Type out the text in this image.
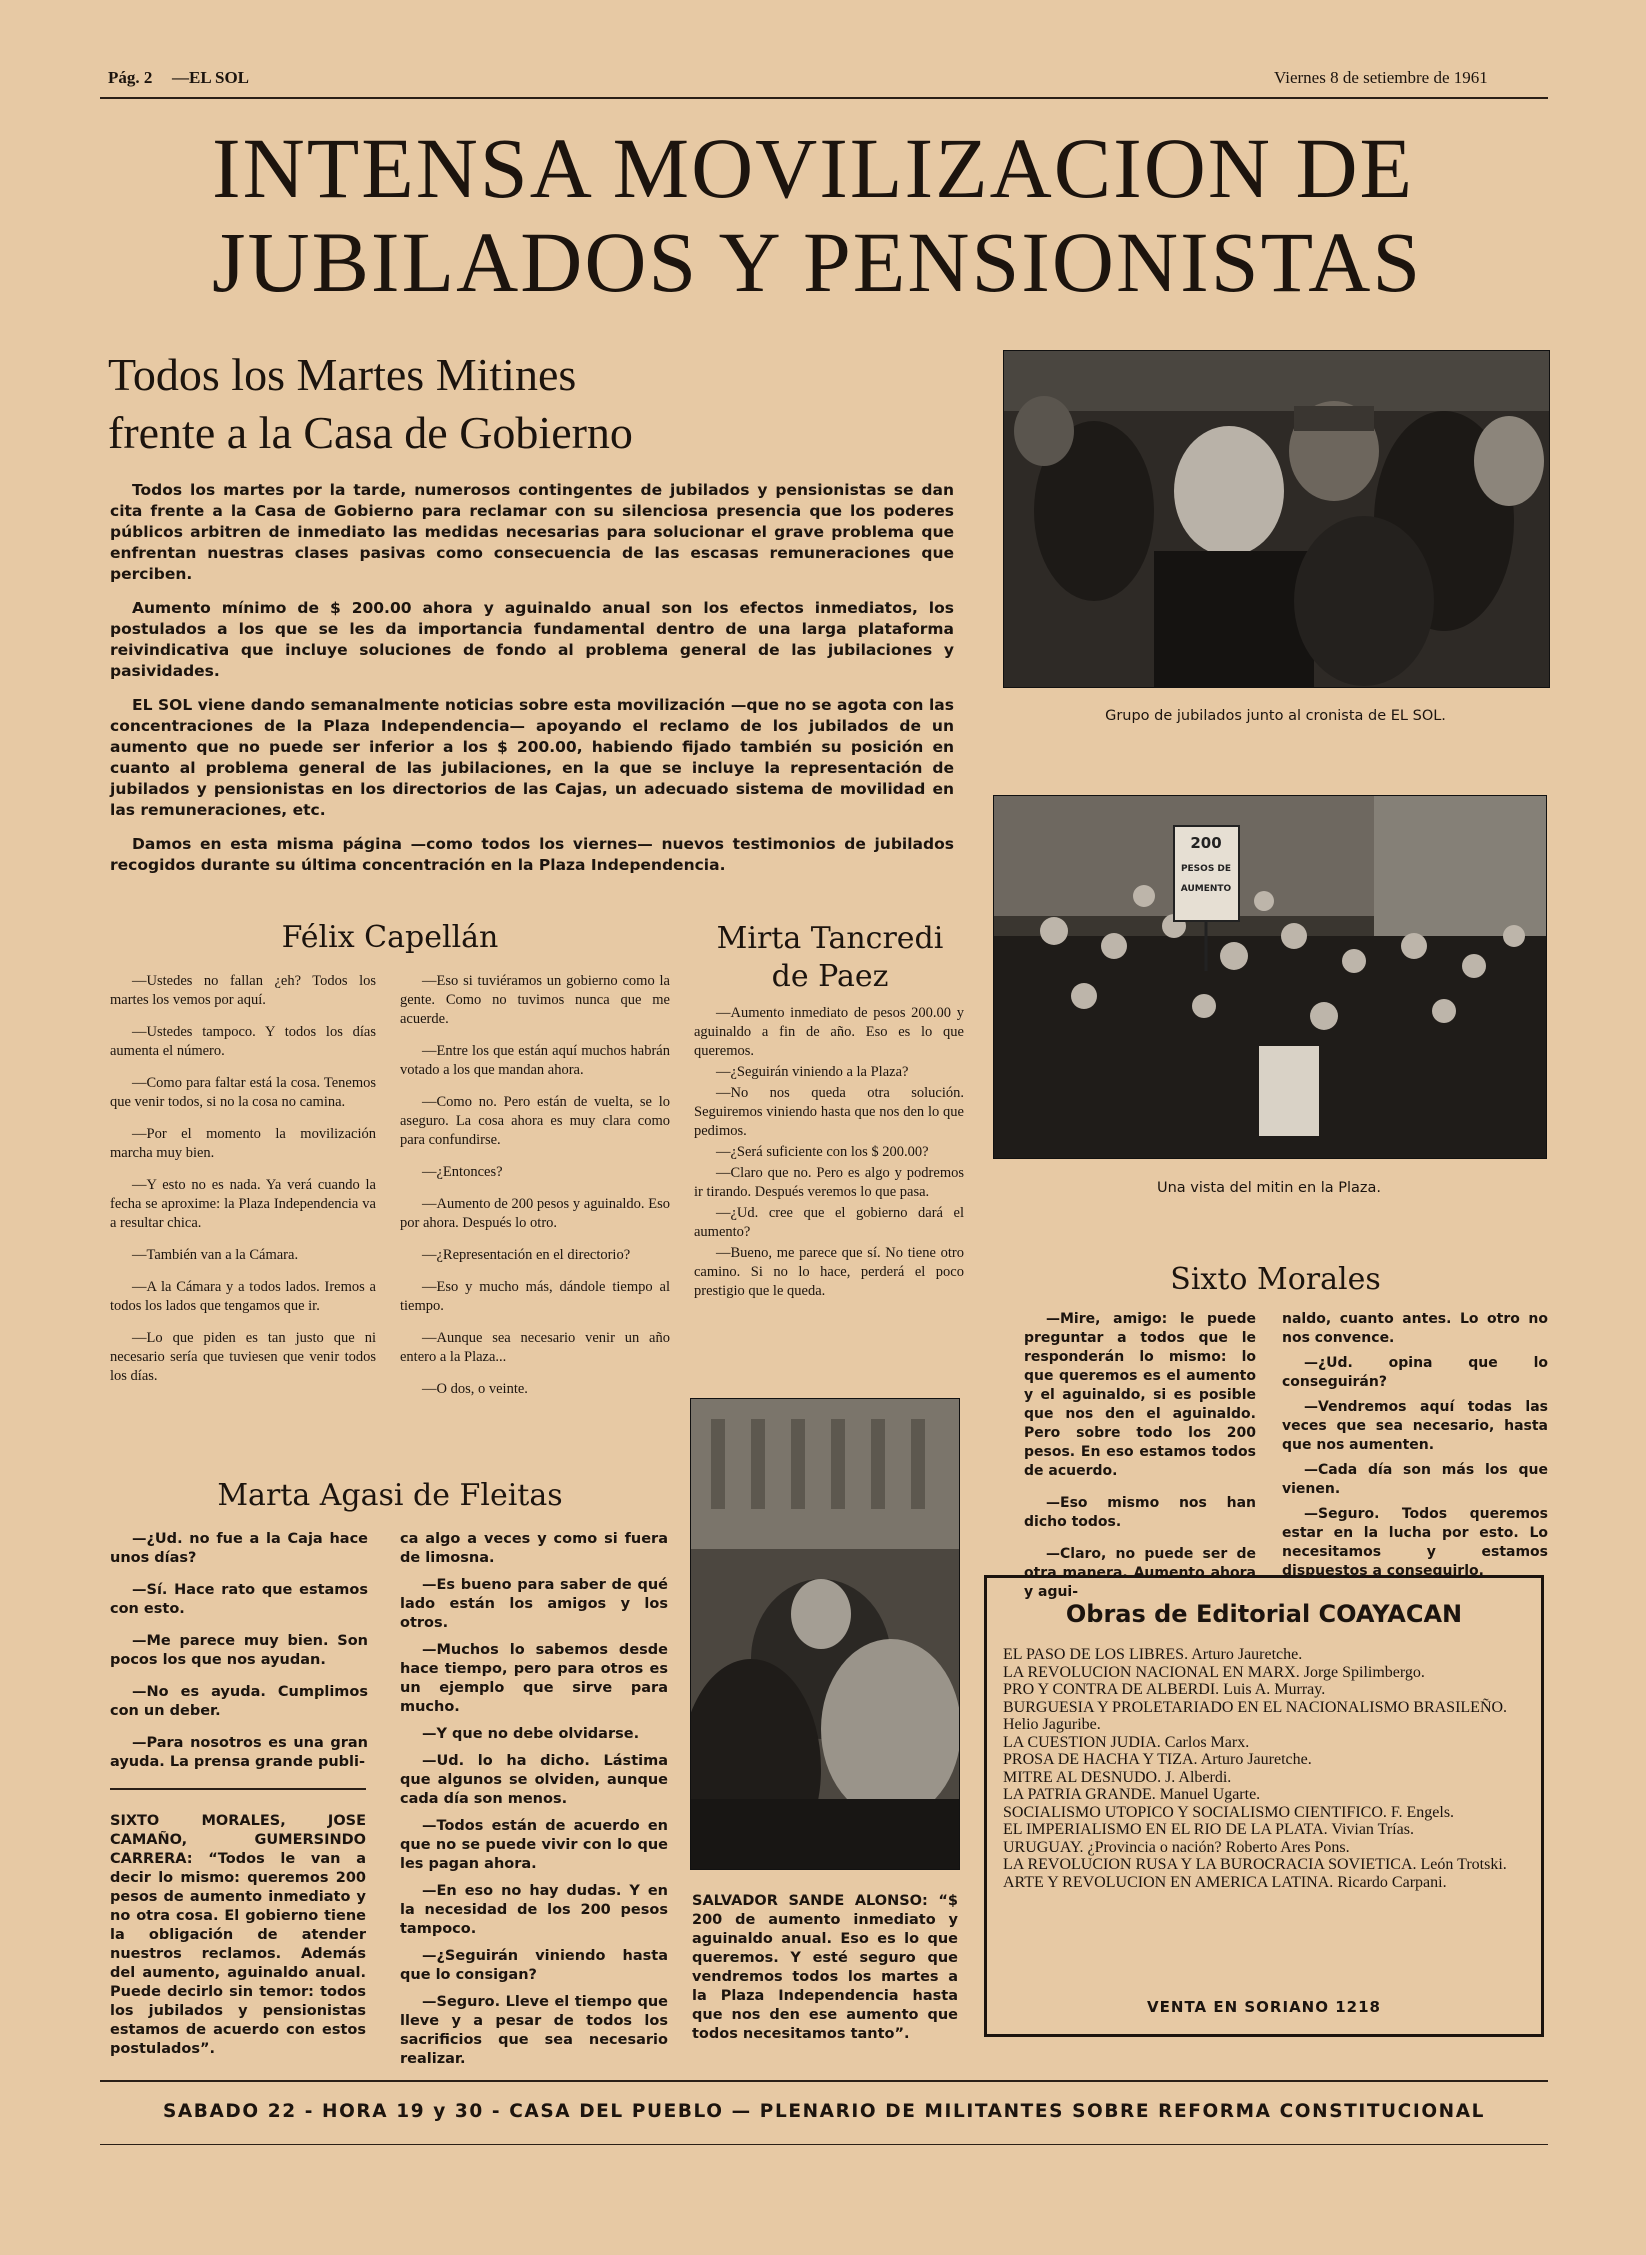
Pág. 2 —EL SOL	Viernes 8 de setiembre de 1961
INTENSA MOVILIZACION DE
JUBILADOS Y PENSIONISTAS
Todos los Martes Mitines
frente a la Casa de Gobierno

Todos los martes por la tarde, numerosos contingentes de jubilados y pensionistas se dan cita frente a la Casa de Gobierno para reclamar con su silenciosa presencia que los poderes públicos arbitren de inmediato las medidas necesarias para solucionar el grave problema que enfrentan nuestras clases pasivas como consecuencia de las escasas remuneraciones que perciben.

Aumento mínimo de $ 200.00 ahora y aguinaldo anual son los efectos inmediatos, los postulados a los que se les da importancia fundamental dentro de una larga plataforma reivindicativa que incluye soluciones de fondo al problema general de las jubilaciones y pasividades.

EL SOL viene dando semanalmente noticias sobre esta movilización —que no se agota con las concentraciones de la Plaza Independencia— apoyando el reclamo de los jubilados de un aumento que no puede ser inferior a los $ 200.00, habiendo fijado también su posición en cuanto al problema general de las jubilaciones, en la que se incluye la representación de jubilados y pensionistas en los directorios de las Cajas, un adecuado sistema de movilidad en las remuneraciones, etc.

Damos en esta misma página —como todos los viernes— nuevos testimonios de jubilados recogidos durante su última concentración en la Plaza Independencia.

Grupo de jubilados junto al cronista de EL SOL.
200
PESOS DE
AUMENTO
Una vista del mitin en la Plaza.
Félix Capellán

—Ustedes no fallan ¿eh? Todos los martes los vemos por aquí.

—Ustedes tampoco. Y todos los días aumenta el número.

—Como para faltar está la cosa. Tenemos que venir todos, si no la cosa no camina.

—Por el momento la movilización marcha muy bien.

—Y esto no es nada. Ya verá cuando la fecha se aproxime: la Plaza Independencia va a resultar chica.

—También van a la Cámara.

—A la Cámara y a todos lados. Iremos a todos los lados que tengamos que ir.

—Lo que piden es tan justo que ni necesario sería que tuviesen que venir todos los días.

—Eso si tuviéramos un gobierno como la gente. Como no tuvimos nunca que me acuerde.

—Entre los que están aquí muchos habrán votado a los que mandan ahora.

—Como no. Pero están de vuelta, se lo aseguro. La cosa ahora es muy clara como para confundirse.

—¿Entonces?

—Aumento de 200 pesos y aguinaldo. Eso por ahora. Después lo otro.

—¿Representación en el directorio?

—Eso y mucho más, dándole tiempo al tiempo.

—Aunque sea necesario venir un año entero a la Plaza...

—O dos, o veinte.

Mirta Tancredi
de Paez

—Aumento inmediato de pesos 200.00 y aguinaldo a fin de año. Eso es lo que queremos.

—¿Seguirán viniendo a la Plaza?

—No nos queda otra solución. Seguiremos viniendo hasta que nos den lo que pedimos.

—¿Será suficiente con los $ 200.00?

—Claro que no. Pero es algo y podremos ir tirando. Después veremos lo que pasa.

—¿Ud. cree que el gobierno dará el aumento?

—Bueno, me parece que sí. No tiene otro camino. Si no lo hace, perderá el poco prestigio que le queda.

Marta Agasi de Fleitas

—¿Ud. no fue a la Caja hace unos días?

—Sí. Hace rato que estamos con esto.

—Me parece muy bien. Son pocos los que nos ayudan.

—No es ayuda. Cumplimos con un deber.

—Para nosotros es una gran ayuda. La prensa grande publi-

SIXTO MORALES, JOSE CAMAÑO, GUMERSINDO CARRERA: “Todos le van a decir lo mismo: queremos 200 pesos de aumento inmediato y no otra cosa. El gobierno tiene la obligación de atender nuestros reclamos. Además del aumento, aguinaldo anual. Puede decirlo sin temor: todos los jubilados y pensionistas estamos de acuerdo con estos postulados”.

ca algo a veces y como si fuera de limosna.

—Es bueno para saber de qué lado están los amigos y los otros.

—Muchos lo sabemos desde hace tiempo, pero para otros es un ejemplo que sirve para mucho.

—Y que no debe olvidarse.

—Ud. lo ha dicho. Lástima que algunos se olviden, aunque cada día son menos.

—Todos están de acuerdo en que no se puede vivir con lo que les pagan ahora.

—En eso no hay dudas. Y en la necesidad de los 200 pesos tampoco.

—¿Seguirán viniendo hasta que lo consigan?

—Seguro. Lleve el tiempo que lleve y a pesar de todos los sacrificios que sea necesario realizar.

SALVADOR SANDE ALONSO: “$ 200 de aumento inmediato y aguinaldo anual. Eso es lo que queremos. Y esté seguro que vendremos todos los martes a la Plaza Independencia hasta que nos den ese aumento que todos necesitamos tanto”.
Sixto Morales

—Mire, amigo: le puede preguntar a todos que le responderán lo mismo: lo que queremos es el aumento y el aguinaldo, si es posible que nos den el aguinaldo. Pero sobre todo los 200 pesos. En eso estamos todos de acuerdo.

—Eso mismo nos han dicho todos.

—Claro, no puede ser de otra manera. Aumento ahora y agui-

naldo, cuanto antes. Lo otro no nos convence.

—¿Ud. opina que lo conseguirán?

—Vendremos aquí todas las veces que sea necesario, hasta que nos aumenten.

—Cada día son más los que vienen.

—Seguro. Todos queremos estar en la lucha por esto. Lo necesitamos y estamos dispuestos a conseguirlo.

Obras de Editorial COAYACAN
EL PASO DE LOS LIBRES. Arturo Jauretche.
LA REVOLUCION NACIONAL EN MARX. Jorge Spilimbergo.
PRO Y CONTRA DE ALBERDI. Luis A. Murray.
BURGUESIA Y PROLETARIADO EN EL NACIONALISMO BRASILEÑO. Helio Jaguribe.
LA CUESTION JUDIA. Carlos Marx.
PROSA DE HACHA Y TIZA. Arturo Jauretche.
MITRE AL DESNUDO. J. Alberdi.
LA PATRIA GRANDE. Manuel Ugarte.
SOCIALISMO UTOPICO Y SOCIALISMO CIENTIFICO. F. Engels.
EL IMPERIALISMO EN EL RIO DE LA PLATA. Vivian Trías.
URUGUAY. ¿Provincia o nación? Roberto Ares Pons.
LA REVOLUCION RUSA Y LA BUROCRACIA SOVIETICA. León Trotski.
ARTE Y REVOLUCION EN AMERICA LATINA. Ricardo Carpani.
VENTA EN SORIANO 1218
SABADO 22 - HORA 19 y 30 - CASA DEL PUEBLO — PLENARIO DE MILITANTES SOBRE REFORMA CONSTITUCIONAL
